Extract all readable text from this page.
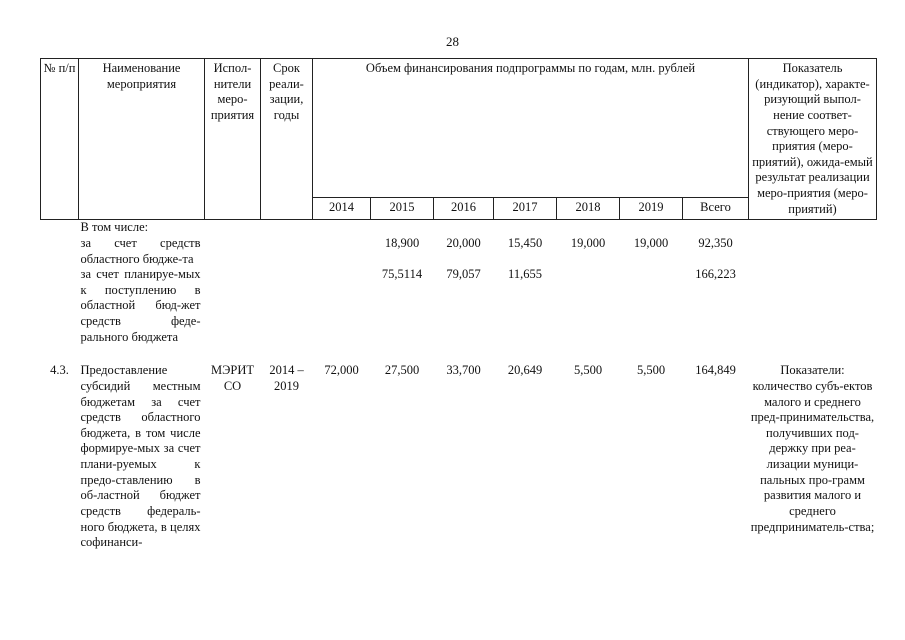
28
№ п/п	Наименование мероприятия	Испол-нители меро-приятия	Срок реали-зации, годы	Объем финансирования подпрограммы по годам, млн. рублей							Показатель (индикатор), характе-ризующий выпол-нение соответ-ствующего меро-приятия (меро-приятий), ожида-емый результат реализации меро-приятия (меро-приятий)
				2014	2015	2016	2017	2018	2019	Всего	
	В том числе:										
	за счет средств областного бюдже-та				18,900	20,000	15,450	19,000	19,000	92,350	
	за счет планируе-мых к поступлению в областной бюд-жет средств феде-рального бюджета				75,5114	79,057	11,655			166,223	

4.3.	Предоставление субсидий местным бюджетам за счет средств областного бюджета, в том числе формируе-мых за счет плани-руемых к предо-ставлению в об-ластной бюджет средств федераль-ного бюджета, в целях софинанси-	МЭРИТ СО	2014 – 2019	72,000	27,500	33,700	20,649	5,500	5,500	164,849	Показатели: количество субъ-ектов малого и среднего пред-принимательства, получивших под-держку при реа-лизации муници-пальных про-грамм развития малого и среднего предприниматель-ства;
